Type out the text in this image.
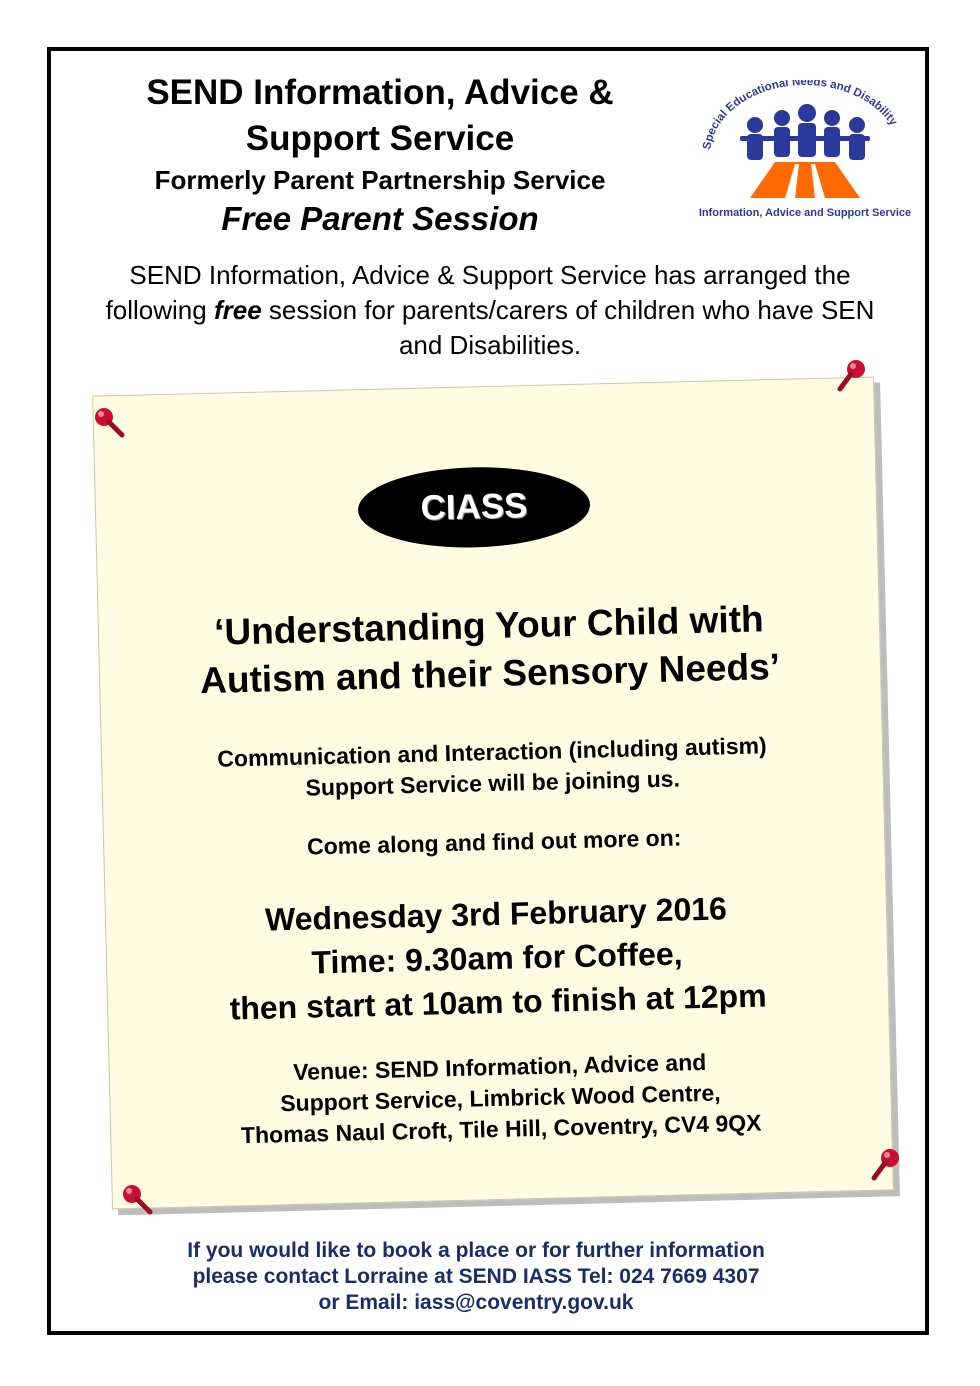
SEND Information, Advice &

Support Service

Formerly Parent Partnership Service

Free Parent Session

Special Educational Needs and Disability
Information, Advice and Support Service
SEND Information, Advice & Support Service has arranged the following free session for parents/carers of children who have SEN and Disabilities.
CIASS
‘Understanding Your Child with
Autism and their Sensory Needs’
Communication and Interaction (including autism)
Support Service will be joining us.
Come along and find out more on:
Wednesday 3rd February 2016
Time: 9.30am for Coffee,
then start at 10am to finish at 12pm
Venue: SEND Information, Advice and
Support Service, Limbrick Wood Centre,
Thomas Naul Croft, Tile Hill, Coventry, CV4 9QX

If you would like to book a place or for further information

please contact Lorraine at SEND IASS Tel: 024 7669 4307

or Email: iass@coventry.gov.uk
